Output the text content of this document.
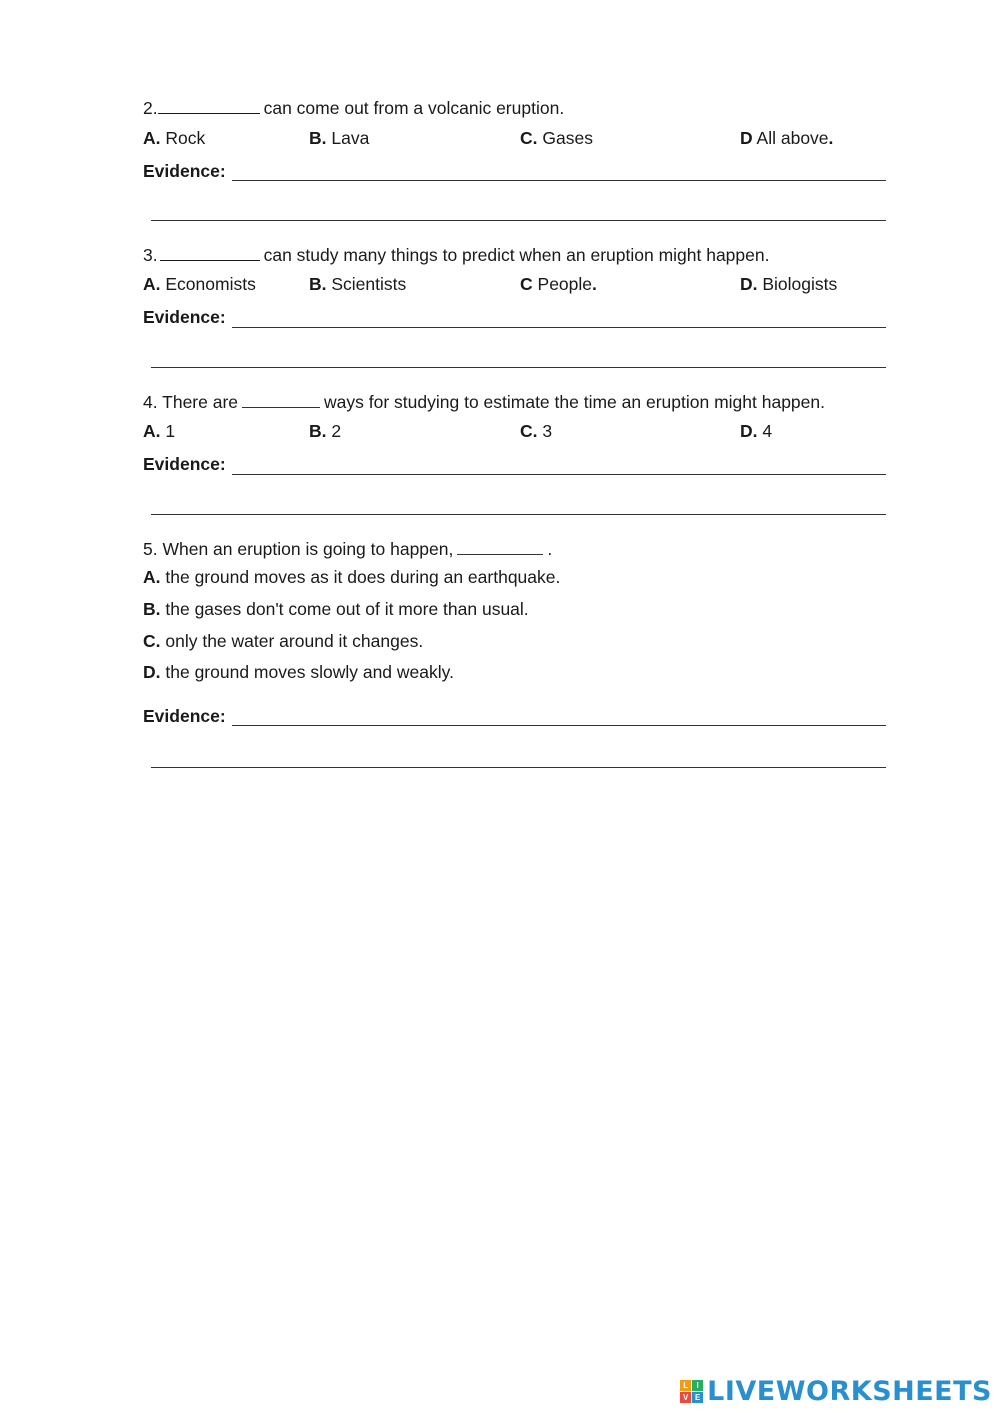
2.	can come out from a volcanic eruption.
A. Rock	B. Lava	C. Gases	D All above.
Evidence:
3.	can study many things to predict when an eruption might happen.
A. Economists	B. Scientists	C People.	D. Biologists
Evidence:
4. There are	ways for studying to estimate the time an eruption might happen.
A. 1	B. 2	C. 3	D. 4
Evidence:
5. When an eruption is going to happen,	.
A. the ground moves as it does during an earthquake.
B. the gases don't come out of it more than usual.
C. only the water around it changes.
D. the ground moves slowly and weakly.
Evidence:
L	I
V E LIVEWORKSHEETS
